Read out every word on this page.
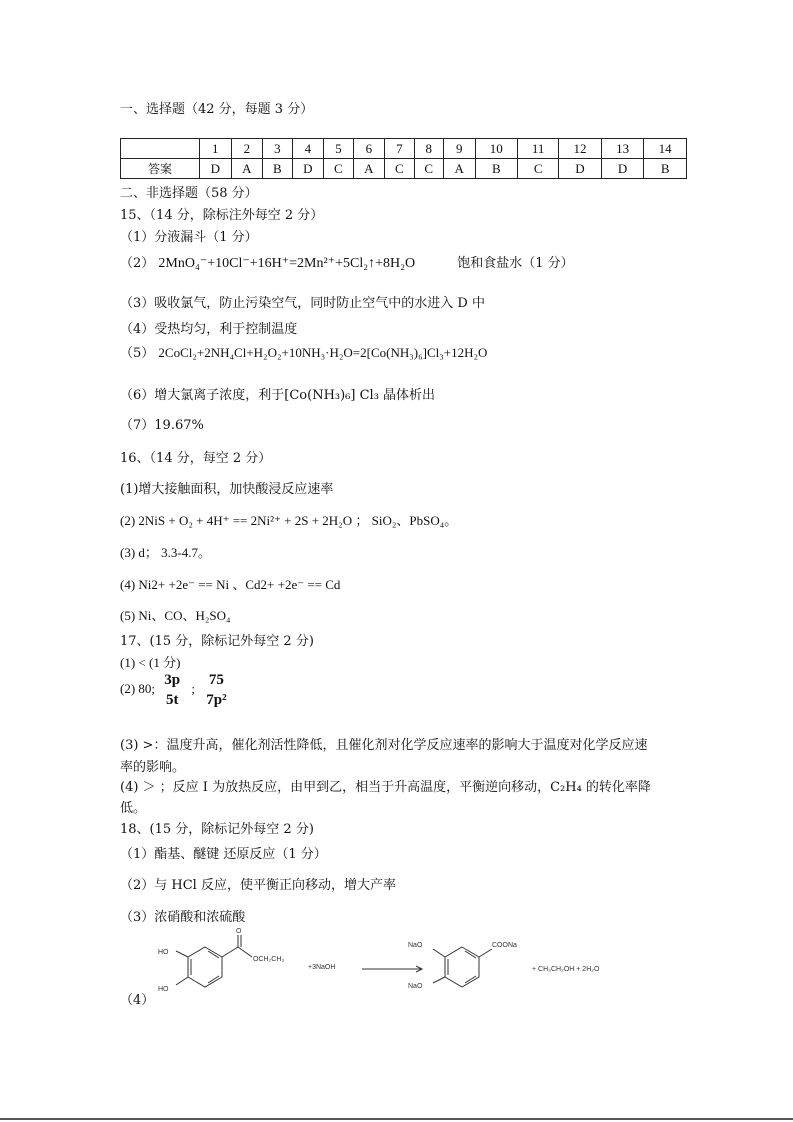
一、选择题（42 分，每题 3 分）
	1	2	3	4	5	6	7	8	9	10	11	12	13	14
答案	D	A	B	D	C	A	C	C	A	B	C	D	D	B
二、非选择题（58 分）
15、（14 分，除标注外每空 2 分）
（1）分液漏斗（1 分）
（2） 2MnO₄⁻+10Cl⁻+16H⁺=2Mn²⁺+5Cl₂↑+8H₂O	饱和食盐水（1 分）
（3）吸收氯气，防止污染空气，同时防止空气中的水进入 D 中
（4）受热均匀，利于控制温度
（5） 2CoCl₂+2NH₄Cl+H₂O₂+10NH₃·H₂O=2[Co(NH₃)₆]Cl₃+12H₂O
（6）增大氯离子浓度，利于[Co(NH₃)₆] Cl₃ 晶体析出
（7）19.67%
16、（14 分，每空 2 分）
(1)增大接触面积，加快酸浸反应速率
(2) 2NiS + O₂ + 4H⁺ == 2Ni²⁺ + 2S + 2H₂O ； SiO₂、PbSO₄。
(3) d； 3.3-4.7。
(4) Ni2+ +2e⁻ == Ni 、Cd2+ +2e⁻ == Cd
(5) Ni、CO、H₂SO₄
17、(15 分，除标记外每空 2 分)
(1) < (1 分)
(2) 80;
3p
5t
;
75
7p²
(3) >：温度升高，催化剂活性降低，且催化剂对化学反应速率的影响大于温度对化学反应速
率的影响。
(4) ＞ ；反应 I 为放热反应，由甲到乙，相当于升高温度，平衡逆向移动，C₂H₄ 的转化率降
低。
18、(15 分，除标记外每空 2 分)
（1）酯基、醚键 还原反应（1 分）
（2）与 HCl 反应，使平衡正向移动，增大产率
（3）浓硝酸和浓硫酸
（4）
HO
HO
O
OCH₂CH₃
+3NaOH
NaO
NaO
COONa
+ CH₃CH₂OH + 2H₂O
